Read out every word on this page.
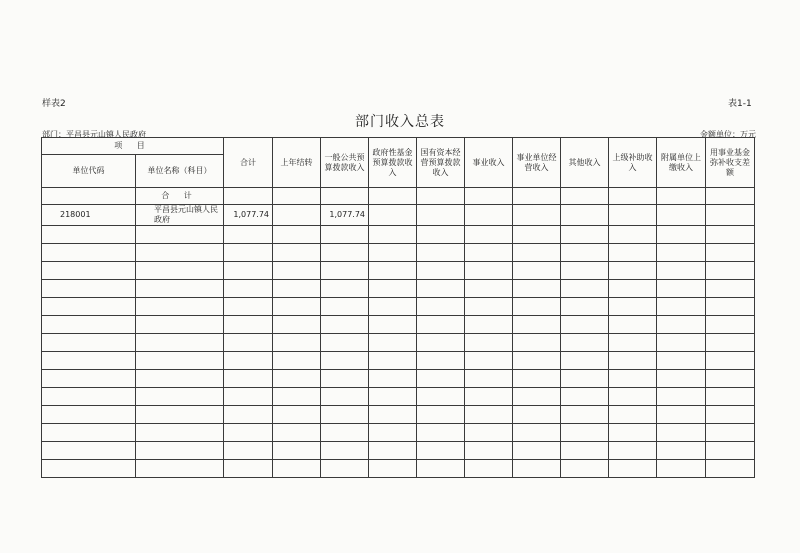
样表2	表1-1
部门收入总表
部门：平昌县元山镇人民政府	金额单位：万元
项 目		合计	上年结转	一般公共预算拨款收入	政府性基金预算拨款收入	国有资本经营预算拨款收入	事业收入	事业单位经营收入	其他收入	上级补助收入	附属单位上缴收入	用事业基金弥补收支差额
单位代码	单位名称（科目）											
	合 计											
218001	平昌县元山镇人民政府	1,077.74		1,077.74								
